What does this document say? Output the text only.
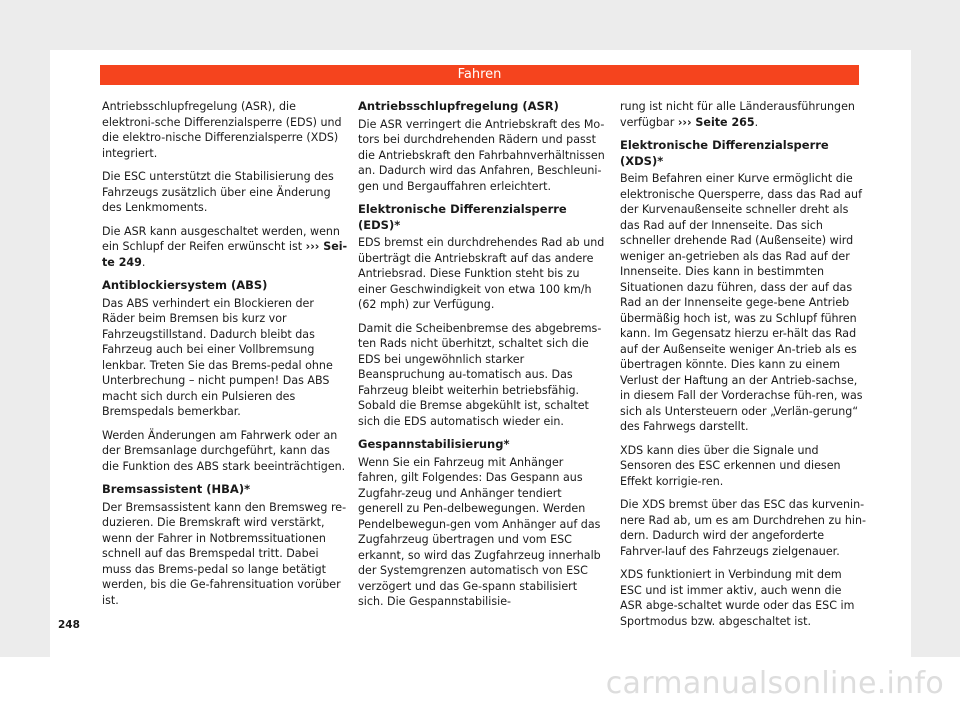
Fahren

Antriebsschlupfregelung (ASR), die elektroni-sche Differenzialsperre (EDS) und die elektro-nische Differenzialsperre (XDS) integriert.

Die ESC unterstützt die Stabilisierung des Fahrzeugs zusätzlich über eine Änderung des Lenkmoments.

Die ASR kann ausgeschaltet werden, wenn ein Schlupf der Reifen erwünscht ist ››› Sei-te 249.

Antiblockiersystem (ABS)

Das ABS verhindert ein Blockieren der Räder beim Bremsen bis kurz vor Fahrzeugstillstand. Dadurch bleibt das Fahrzeug auch bei einer Vollbremsung lenkbar. Treten Sie das Brems-pedal ohne Unterbrechung – nicht pumpen! Das ABS macht sich durch ein Pulsieren des Bremspedals bemerkbar.

Werden Änderungen am Fahrwerk oder an der Bremsanlage durchgeführt, kann das die Funktion des ABS stark beeinträchtigen.

Bremsassistent (HBA)*

Der Bremsassistent kann den Bremsweg re-duzieren. Die Bremskraft wird verstärkt, wenn der Fahrer in Notbremssituationen schnell auf das Bremspedal tritt. Dabei muss das Brems-pedal so lange betätigt werden, bis die Ge-fahrensituation vorüber ist.

Antriebsschlupfregelung (ASR)

Die ASR verringert die Antriebskraft des Mo-tors bei durchdrehenden Rädern und passt die Antriebskraft den Fahrbahnverhältnissen an. Dadurch wird das Anfahren, Beschleuni-gen und Bergauffahren erleichtert.

Elektronische Differenzialsperre (EDS)*

EDS bremst ein durchdrehendes Rad ab und überträgt die Antriebskraft auf das andere Antriebsrad. Diese Funktion steht bis zu einer Geschwindigkeit von etwa 100 km/h (62 mph) zur Verfügung.

Damit die Scheibenbremse des abgebrems-ten Rads nicht überhitzt, schaltet sich die EDS bei ungewöhnlich starker Beanspruchung au-tomatisch aus. Das Fahrzeug bleibt weiterhin betriebsfähig. Sobald die Bremse abgekühlt ist, schaltet sich die EDS automatisch wieder ein.

Gespannstabilisierung*

Wenn Sie ein Fahrzeug mit Anhänger fahren, gilt Folgendes: Das Gespann aus Zugfahr-zeug und Anhänger tendiert generell zu Pen-delbewegungen. Werden Pendelbewegun-gen vom Anhänger auf das Zugfahrzeug übertragen und vom ESC erkannt, so wird das Zugfahrzeug innerhalb der Systemgrenzen automatisch von ESC verzögert und das Ge-spann stabilisiert sich. Die Gespannstabilisie-

rung ist nicht für alle Länderausführungen verfügbar ››› Seite 265.

Elektronische Differenzialsperre (XDS)*

Beim Befahren einer Kurve ermöglicht die elektronische Quersperre, dass das Rad auf der Kurvenaußenseite schneller dreht als das Rad auf der Innenseite. Das sich schneller drehende Rad (Außenseite) wird weniger an-getrieben als das Rad auf der Innenseite. Dies kann in bestimmten Situationen dazu führen, dass der auf das Rad an der Innenseite gege-bene Antrieb übermäßig hoch ist, was zu Schlupf führen kann. Im Gegensatz hierzu er-hält das Rad auf der Außenseite weniger An-trieb als es übertragen könnte. Dies kann zu einem Verlust der Haftung an der Antrieb-sachse, in diesem Fall der Vorderachse füh-ren, was sich als Untersteuern oder „Verlän-gerung“ des Fahrwegs darstellt.

XDS kann dies über die Signale und Sensoren des ESC erkennen und diesen Effekt korrigie-ren.

Die XDS bremst über das ESC das kurvenin-nere Rad ab, um es am Durchdrehen zu hin-dern. Dadurch wird der angeforderte Fahrver-lauf des Fahrzeugs zielgenauer.

XDS funktioniert in Verbindung mit dem ESC und ist immer aktiv, auch wenn die ASR abge-schaltet wurde oder das ESC im Sportmodus bzw. abgeschaltet ist.

248
carmanualsonline.info
